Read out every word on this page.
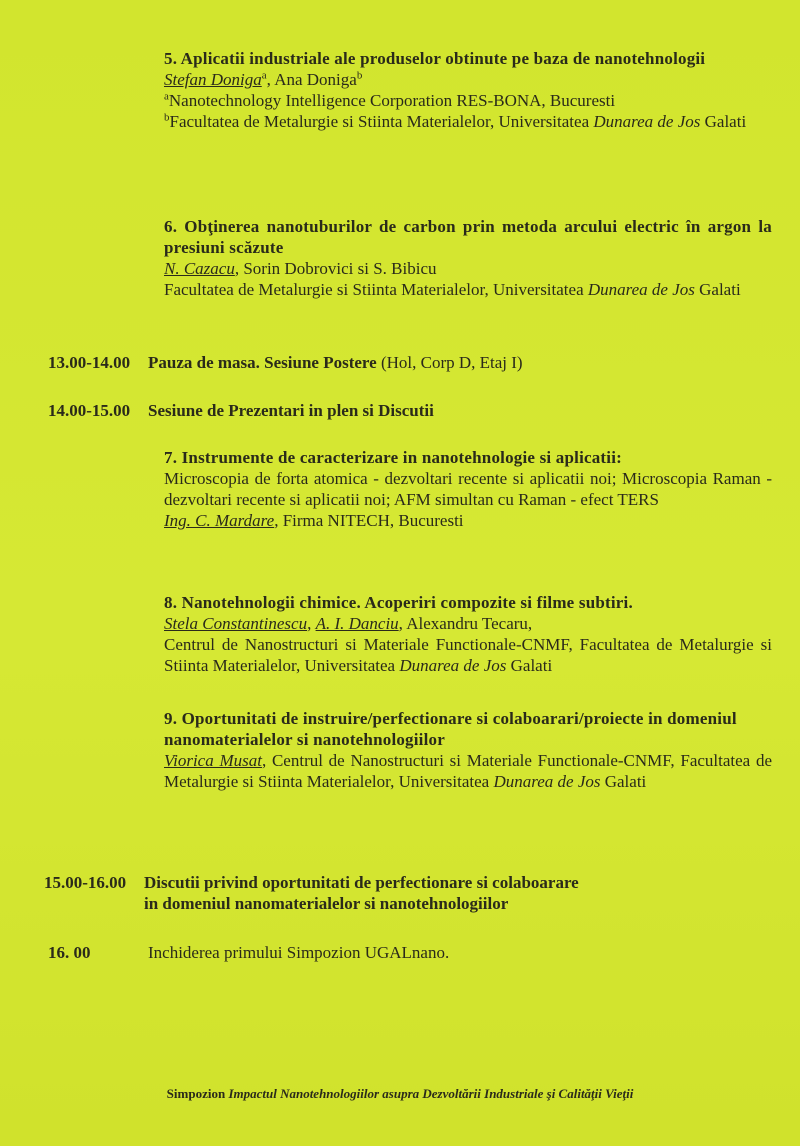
5. Aplicatii industriale ale produselor obtinute pe baza de nanotehnologii
Stefan Doniga$^a$, Ana Doniga$^b$
$^a$Nanotechnology Intelligence Corporation RES-BONA, Bucuresti
$^b$Facultatea de Metalurgie si Stiinta Materialelor, Universitatea Dunarea de Jos Galati
6. Obţinerea nanotuburilor de carbon prin metoda arcului electric în argon la presiuni scăzute
N. Cazacu, Sorin Dobrovici si S. Bibicu
Facultatea de Metalurgie si Stiinta Materialelor, Universitatea Dunarea de Jos Galati
13.00-14.00 Pauza de masa. Sesiune Postere (Hol, Corp D, Etaj I)
14.00-15.00 Sesiune de Prezentari in plen si Discutii
7. Instrumente de caracterizare in nanotehnologie si aplicatii:
Microscopia de forta atomica - dezvoltari recente si aplicatii noi; Microscopia Raman - dezvoltari recente si aplicatii noi; AFM simultan cu Raman - efect TERS
Ing. C. Mardare, Firma NITECH, Bucuresti
8. Nanotehnologii chimice. Acoperiri compozite si filme subtiri.
Stela Constantinescu, A. I. Danciu, Alexandru Tecaru,
Centrul de Nanostructuri si Materiale Functionale-CNMF, Facultatea de Metalurgie si Stiinta Materialelor, Universitatea Dunarea de Jos Galati
9. Oportunitati de instruire/perfectionare si colaboarari/proiecte in domeniul
nanomaterialelor si nanotehnologiilor
Viorica Musat, Centrul de Nanostructuri si Materiale Functionale-CNMF, Facultatea de Metalurgie si Stiinta Materialelor, Universitatea Dunarea de Jos Galati
15.00-16.00 Discutii privind oportunitati de perfectionare si colaboarare
in domeniul nanomaterialelor si nanotehnologiilor
16. 00	Inchiderea primului Simpozion UGALnano.
Simpozion Impactul Nanotehnologiilor asupra Dezvoltării Industriale şi Calităţii Vieţii
